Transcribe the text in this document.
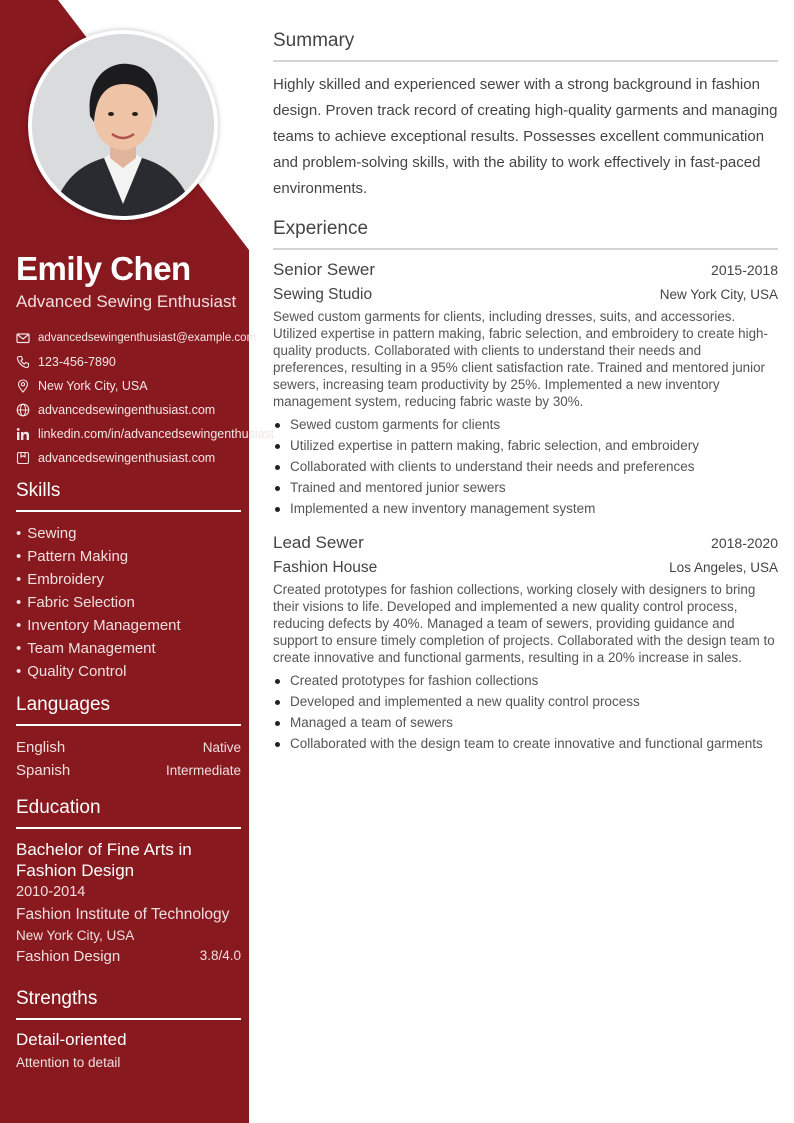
Emily Chen
Advanced Sewing Enthusiast
advancedsewingenthusiast@example.com
123-456-7890
New York City, USA
advancedsewingenthusiast.com
linkedin.com/in/advancedsewingenthusiast
advancedsewingenthusiast.com
Skills
• Sewing
• Pattern Making
• Embroidery
• Fabric Selection
• Inventory Management
• Team Management
• Quality Control
Languages
English	Native
Spanish	Intermediate
Education
Bachelor of Fine Arts in Fashion Design
2010-2014
Fashion Institute of Technology
New York City, USA
Fashion Design	3.8/4.0
Strengths
Detail-oriented
Attention to detail
Summary
Highly skilled and experienced sewer with a strong background in fashion design. Proven track record of creating high-quality garments and managing teams to achieve exceptional results. Possesses excellent communication and problem-solving skills, with the ability to work effectively in fast-paced environments.
Experience
Senior Sewer	2015-2018
Sewing Studio	New York City, USA
Sewed custom garments for clients, including dresses, suits, and accessories. Utilized expertise in pattern making, fabric selection, and embroidery to create high-quality products. Collaborated with clients to understand their needs and preferences, resulting in a 95% client satisfaction rate. Trained and mentored junior sewers, increasing team productivity by 25%. Implemented a new inventory management system, reducing fabric waste by 30%.
Sewed custom garments for clients
Utilized expertise in pattern making, fabric selection, and embroidery
Collaborated with clients to understand their needs and preferences
Trained and mentored junior sewers
Implemented a new inventory management system
Lead Sewer	2018-2020
Fashion House	Los Angeles, USA
Created prototypes for fashion collections, working closely with designers to bring their visions to life. Developed and implemented a new quality control process, reducing defects by 40%. Managed a team of sewers, providing guidance and support to ensure timely completion of projects. Collaborated with the design team to create innovative and functional garments, resulting in a 20% increase in sales.
Created prototypes for fashion collections
Developed and implemented a new quality control process
Managed a team of sewers
Collaborated with the design team to create innovative and functional garments
